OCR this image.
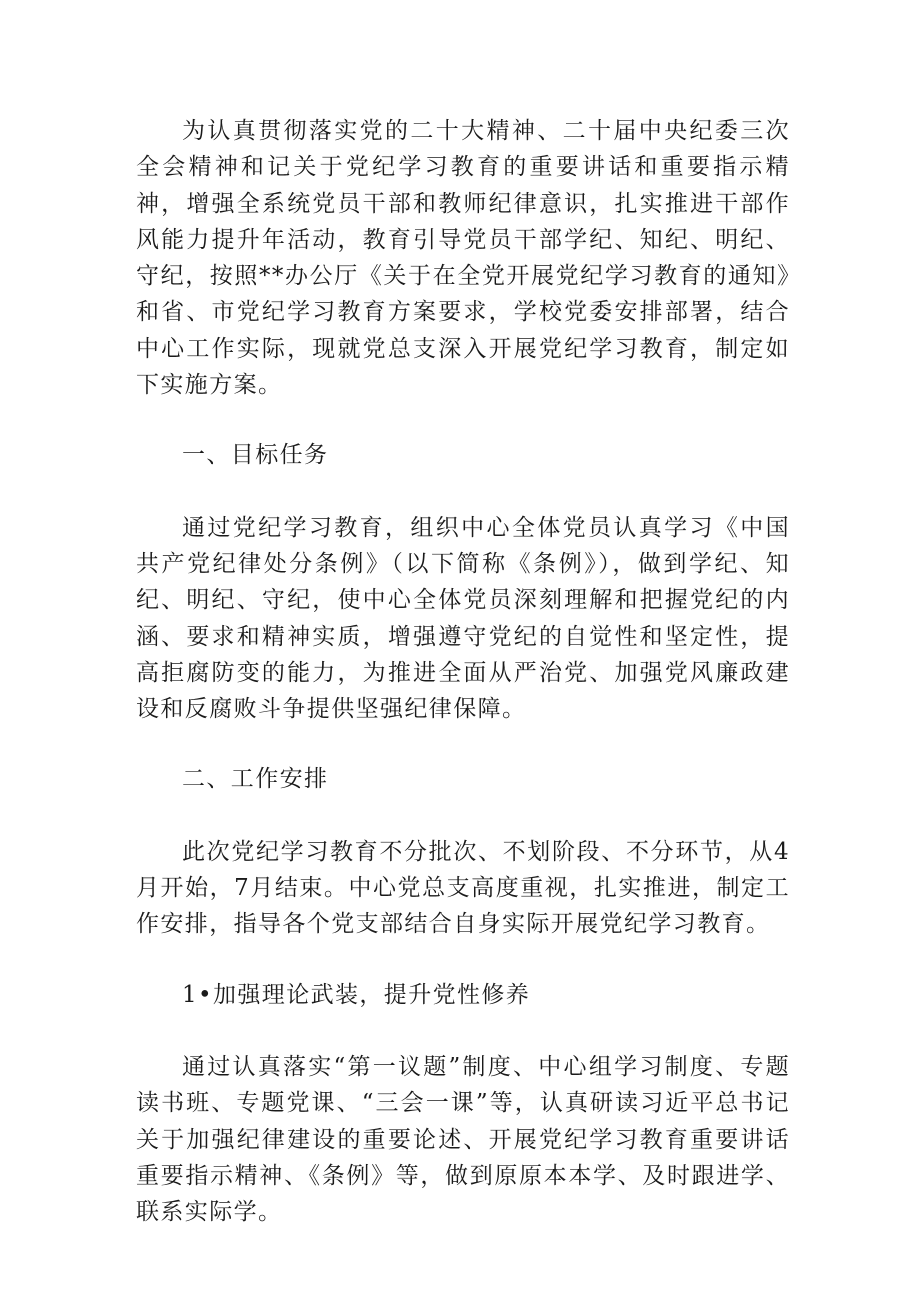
为认真贯彻落实党的二十大精神、二十届中央纪委三次全会精神和记关于党纪学习教育的重要讲话和重要指示精神，增强全系统党员干部和教师纪律意识，扎实推进干部作风能力提升年活动，教育引导党员干部学纪、知纪、明纪、守纪，按照**办公厅《关于在全党开展党纪学习教育的通知》和省、市党纪学习教育方案要求，学校党委安排部署，结合中心工作实际，现就党总支深入开展党纪学习教育，制定如下实施方案。

一、目标任务

通过党纪学习教育，组织中心全体党员认真学习《中国共产党纪律处分条例》（以下简称《条例》），做到学纪、知纪、明纪、守纪，使中心全体党员深刻理解和把握党纪的内涵、要求和精神实质，增强遵守党纪的自觉性和坚定性，提高拒腐防变的能力，为推进全面从严治党、加强党风廉政建设和反腐败斗争提供坚强纪律保障。

二、工作安排

此次党纪学习教育不分批次、不划阶段、不分环节，从4月开始，7月结束。中心党总支高度重视，扎实推进，制定工作安排，指导各个党支部结合自身实际开展党纪学习教育。

1•加强理论武装，提升党性修养

通过认真落实“第一议题”制度、中心组学习制度、专题读书班、专题党课、“三会一课”等，认真研读习近平总书记关于加强纪律建设的重要论述、开展党纪学习教育重要讲话重要指示精神、《条例》等，做到原原本本学、及时跟进学、联系实际学。
